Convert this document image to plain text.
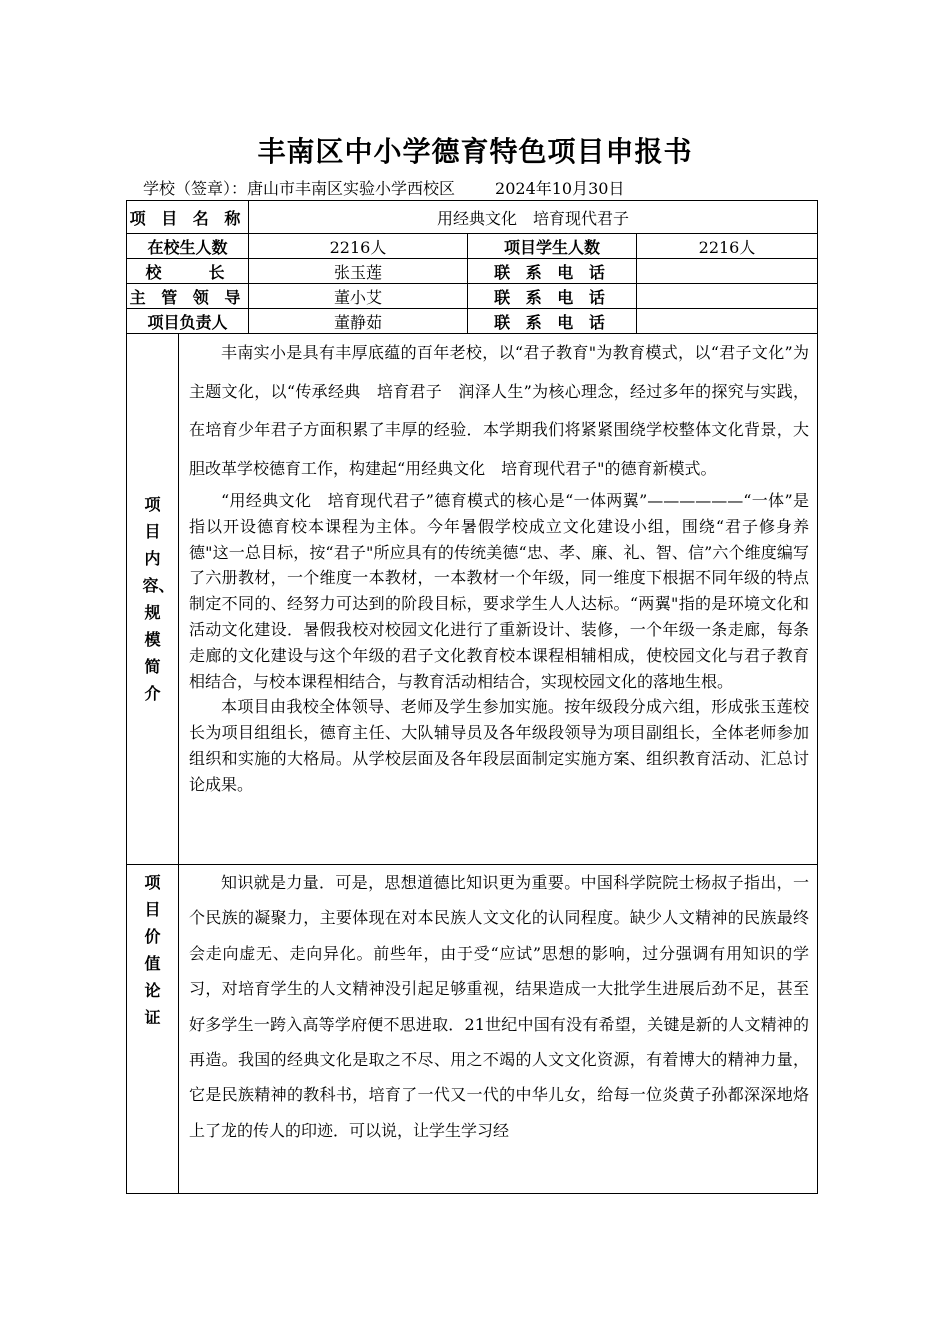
丰南区中小学德育特色项目申报书
学校（签章）：唐山市丰南区实验小学西校区	2024年10月30日
项 目 名 称		用经典文化　培育现代君子		
在校生人数		2216人	项目学生人数	2216人
校　　长		张玉莲	联 系 电 话	
主 管 领 导		董小艾	联 系 电 话	
项目负责人		董静茹	联 系 电 话	
项目内容、规模简介	丰南实小是具有丰厚底蕴的百年老校，以“君子教育"为教育模式，以“君子文化”为主题文化，以“传承经典　培育君子　润泽人生”为核心理念，经过多年的探究与实践，在培育少年君子方面积累了丰厚的经验．本学期我们将紧紧围绕学校整体文化背景，大胆改革学校德育工作，构建起“用经典文化　培育现代君子"的德育新模式。

“用经典文化　培育现代君子”德育模式的核心是“一体两翼”——————“一体”是指以开设德育校本课程为主体。今年暑假学校成立文化建设小组，围绕“君子修身养德"这一总目标，按“君子"所应具有的传统美德“忠、孝、廉、礼、智、信”六个维度编写了六册教材，一个维度一本教材，一本教材一个年级，同一维度下根据不同年级的特点制定不同的、经努力可达到的阶段目标，要求学生人人达标。“两翼"指的是环境文化和活动文化建设．暑假我校对校园文化进行了重新设计、装修，一个年级一条走廊，每条走廊的文化建设与这个年级的君子文化教育校本课程相辅相成，使校园文化与君子教育相结合，与校本课程相结合，与教育活动相结合，实现校园文化的落地生根。

本项目由我校全体领导、老师及学生参加实施。按年级段分成六组，形成张玉莲校长为项目组组长，德育主任、大队辅导员及各年级段领导为项目副组长，全体老师参加组织和实施的大格局。从学校层面及各年段层面制定实施方案、组织教育活动、汇总讨论成果。			

项目价值论证	知识就是力量．可是，思想道德比知识更为重要。中国科学院院士杨叔子指出，一个民族的凝聚力，主要体现在对本民族人文文化的认同程度。缺少人文精神的民族最终会走向虚无、走向异化。前些年，由于受“应试”思想的影响，过分强调有用知识的学习，对培育学生的人文精神没引起足够重视，结果造成一大批学生进展后劲不足，甚至好多学生一跨入高等学府便不思进取．21世纪中国有没有希望，关键是新的人文精神的再造。我国的经典文化是取之不尽、用之不竭的人文文化资源，有着博大的精神力量，它是民族精神的教科书，培育了一代又一代的中华儿女，给每一位炎黄子孙都深深地烙上了龙的传人的印迹．可以说，让学生学习经			
